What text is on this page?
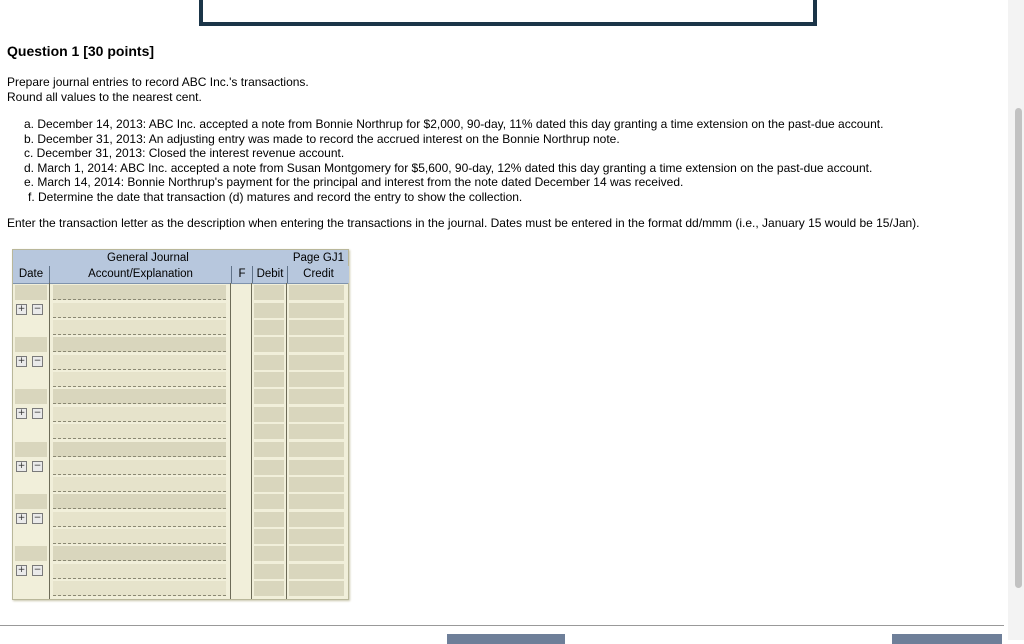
Question 1 [30 points]
Prepare journal entries to record ABC Inc.'s transactions.
Round all values to the nearest cent.
a. December 14, 2013: ABC Inc. accepted a note from Bonnie Northrup for $2,000, 90-day, 11% dated this day granting a time extension on the past-due account.
b. December 31, 2013: An adjusting entry was made to record the accrued interest on the Bonnie Northrup note.
c. December 31, 2013: Closed the interest revenue account.
d. March 1, 2014: ABC Inc. accepted a note from Susan Montgomery for $5,600, 90-day, 12% dated this day granting a time extension on the past-due account.
e. March 14, 2014: Bonnie Northrup's payment for the principal and interest from the note dated December 14 was received.
f. Determine the date that transaction (d) matures and record the entry to show the collection.
Enter the transaction letter as the description when entering the transactions in the journal. Dates must be entered in the format dd/mmm (i.e., January 15 would be 15/Jan).
General Journal	Page GJ1
Date	Account/Explanation	F Debit	Credit
+ −
+ −
+ −
+ −
+ −
+ −
